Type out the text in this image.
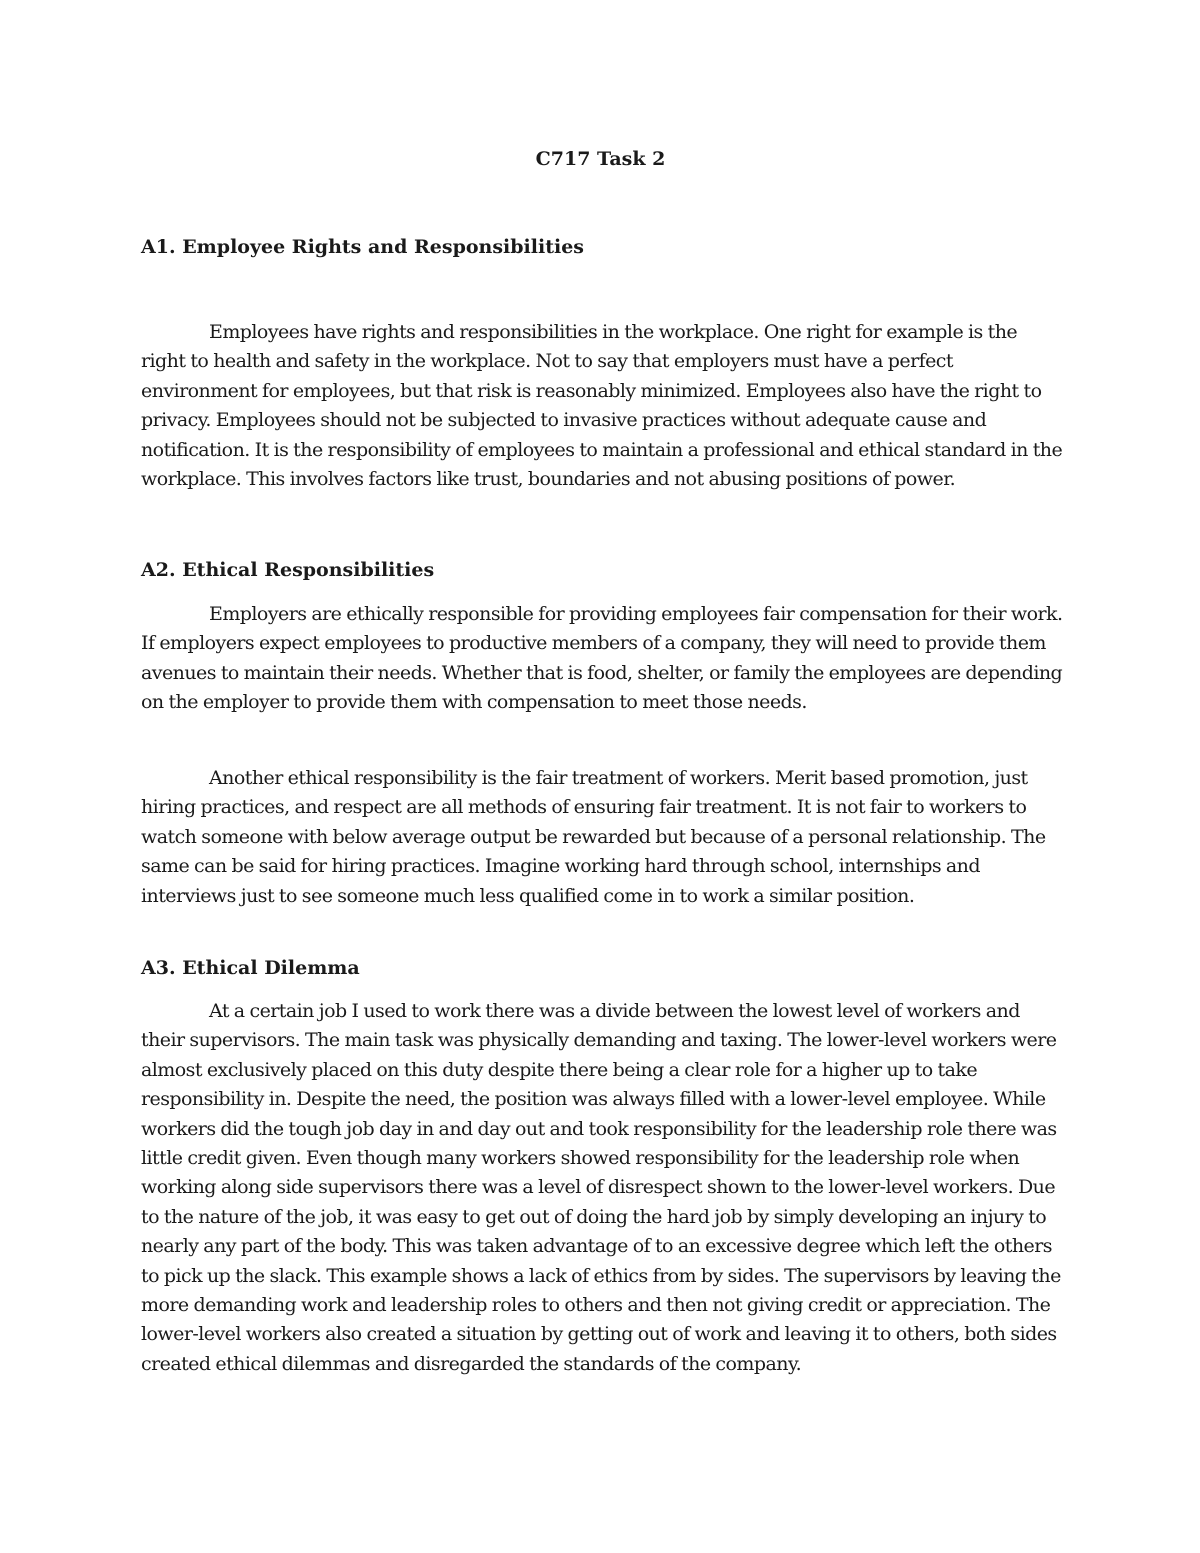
C717 Task 2
A1. Employee Rights and Responsibilities

Employees have rights and responsibilities in the workplace. One right for example is the right to health and safety in the workplace. Not to say that employers must have a perfect environment for employees, but that risk is reasonably minimized. Employees also have the right to privacy. Employees should not be subjected to invasive practices without adequate cause and notification. It is the responsibility of employees to maintain a professional and ethical standard in the workplace. This involves factors like trust, boundaries and not abusing positions of power.

A2. Ethical Responsibilities

Employers are ethically responsible for providing employees fair compensation for their work. If employers expect employees to productive members of a company, they will need to provide them avenues to maintain their needs. Whether that is food, shelter, or family the employees are depending on the employer to provide them with compensation to meet those needs.

Another ethical responsibility is the fair treatment of workers. Merit based promotion, just hiring practices, and respect are all methods of ensuring fair treatment. It is not fair to workers to watch someone with below average output be rewarded but because of a personal relationship. The same can be said for hiring practices. Imagine working hard through school, internships and interviews just to see someone much less qualified come in to work a similar position.

A3. Ethical Dilemma

At a certain job I used to work there was a divide between the lowest level of workers and their supervisors. The main task was physically demanding and taxing. The lower-level workers were almost exclusively placed on this duty despite there being a clear role for a higher up to take responsibility in. Despite the need, the position was always filled with a lower-level employee. While workers did the tough job day in and day out and took responsibility for the leadership role there was little credit given. Even though many workers showed responsibility for the leadership role when working along side supervisors there was a level of disrespect shown to the lower-level workers. Due to the nature of the job, it was easy to get out of doing the hard job by simply developing an injury to nearly any part of the body. This was taken advantage of to an excessive degree which left the others to pick up the slack. This example shows a lack of ethics from by sides. The supervisors by leaving the more demanding work and leadership roles to others and then not giving credit or appreciation. The lower-level workers also created a situation by getting out of work and leaving it to others, both sides created ethical dilemmas and disregarded the standards of the company.
